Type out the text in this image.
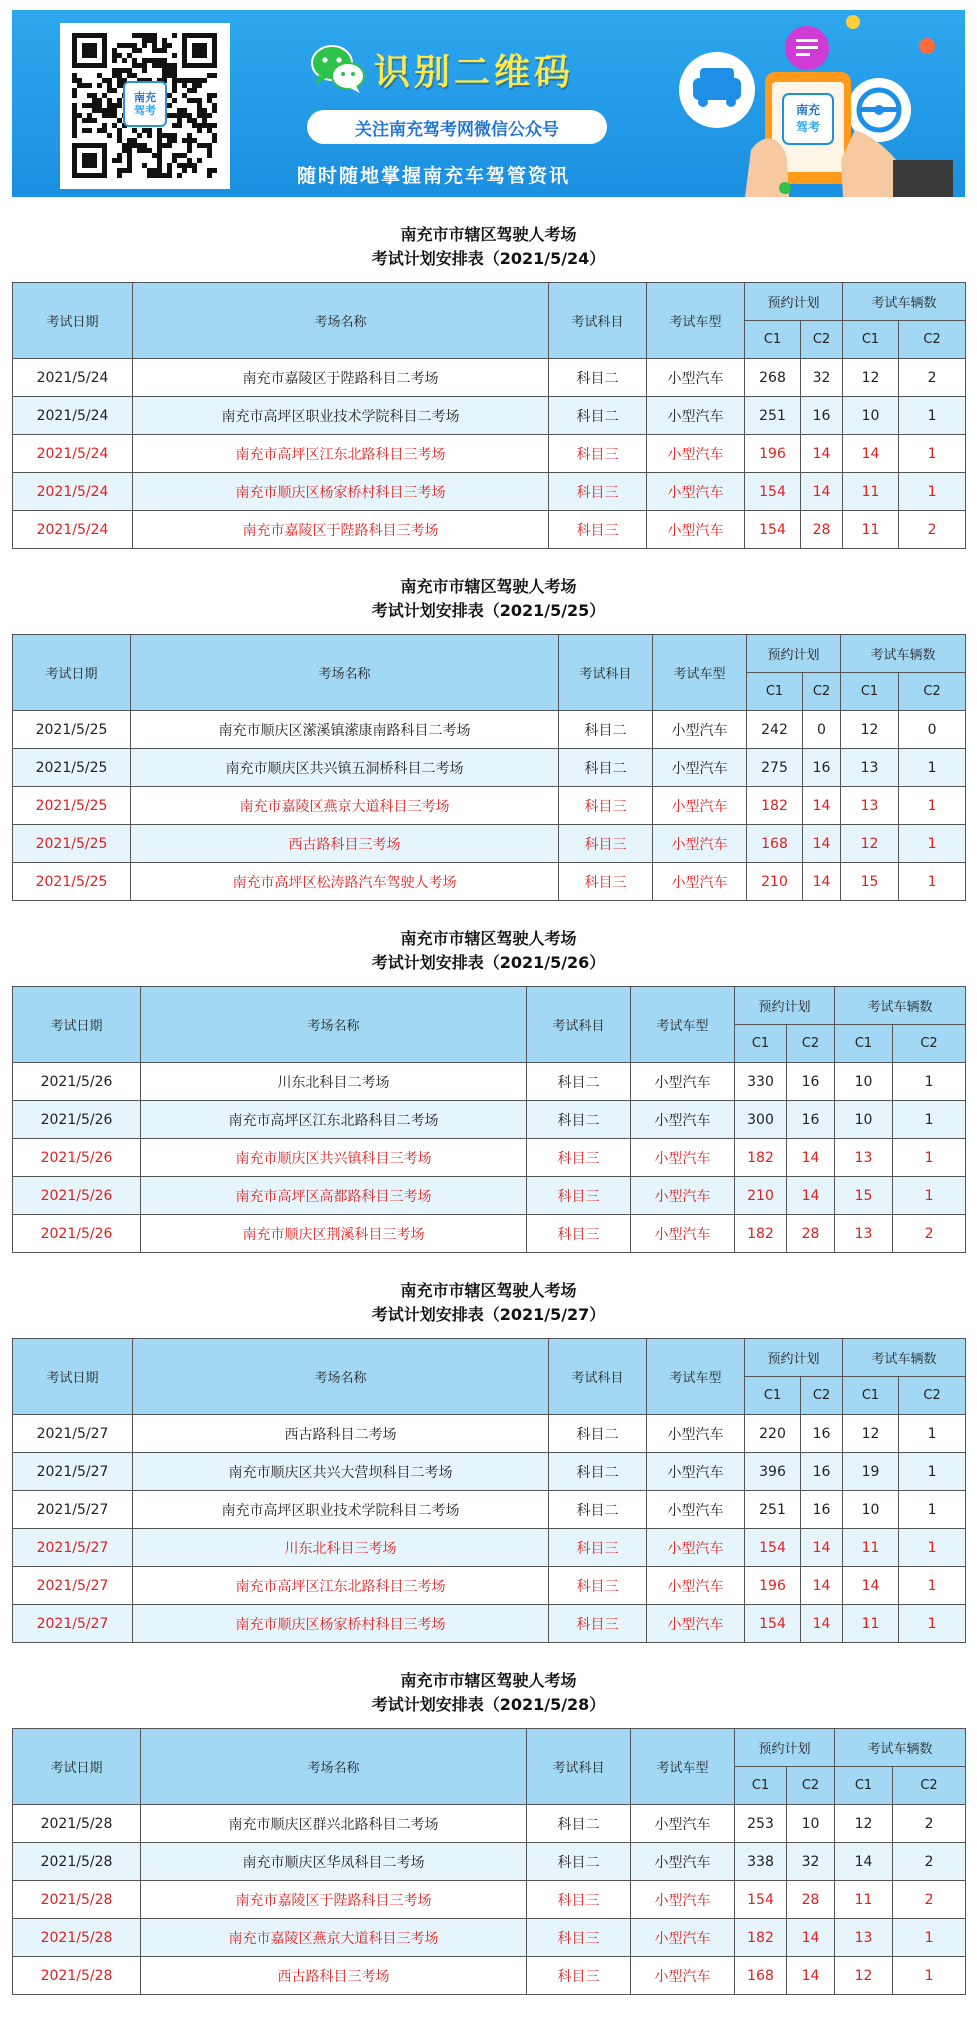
南充
驾考
识别二维码
关注南充驾考网微信公众号
随时随地掌握南充车驾管资讯
南充
驾考
南充市市辖区驾驶人考场
考试计划安排表（2021/5/24）
考试日期	考场名称	考试科目	考试车型	预约计划		考试车辆数	
				C1	C2	C1	C2
2021/5/24	南充市嘉陵区于陛路科目二考场	科目二	小型汽车	268	32	12	2
2021/5/24	南充市高坪区职业技术学院科目二考场	科目二	小型汽车	251	16	10	1
2021/5/24	南充市高坪区江东北路科目三考场	科目三	小型汽车	196	14	14	1
2021/5/24	南充市顺庆区杨家桥村科目三考场	科目三	小型汽车	154	14	11	1
2021/5/24	南充市嘉陵区于陛路科目三考场	科目三	小型汽车	154	28	11	2
南充市市辖区驾驶人考场
考试计划安排表（2021/5/25）
考试日期	考场名称	考试科目	考试车型	预约计划		考试车辆数	
				C1	C2	C1	C2
2021/5/25	南充市顺庆区潆溪镇潆康南路科目二考场	科目二	小型汽车	242	0	12	0
2021/5/25	南充市顺庆区共兴镇五洞桥科目二考场	科目二	小型汽车	275	16	13	1
2021/5/25	南充市嘉陵区燕京大道科目三考场	科目三	小型汽车	182	14	13	1
2021/5/25	西古路科目三考场	科目三	小型汽车	168	14	12	1
2021/5/25	南充市高坪区松涛路汽车驾驶人考场	科目三	小型汽车	210	14	15	1
南充市市辖区驾驶人考场
考试计划安排表（2021/5/26）
考试日期	考场名称	考试科目	考试车型	预约计划		考试车辆数	
				C1	C2	C1	C2
2021/5/26	川东北科目二考场	科目二	小型汽车	330	16	10	1
2021/5/26	南充市高坪区江东北路科目二考场	科目二	小型汽车	300	16	10	1
2021/5/26	南充市顺庆区共兴镇科目三考场	科目三	小型汽车	182	14	13	1
2021/5/26	南充市高坪区高都路科目三考场	科目三	小型汽车	210	14	15	1
2021/5/26	南充市顺庆区荆溪科目三考场	科目三	小型汽车	182	28	13	2
南充市市辖区驾驶人考场
考试计划安排表（2021/5/27）
考试日期	考场名称	考试科目	考试车型	预约计划		考试车辆数	
				C1	C2	C1	C2
2021/5/27	西古路科目二考场	科目二	小型汽车	220	16	12	1
2021/5/27	南充市顺庆区共兴大营坝科目二考场	科目二	小型汽车	396	16	19	1
2021/5/27	南充市高坪区职业技术学院科目二考场	科目二	小型汽车	251	16	10	1
2021/5/27	川东北科目三考场	科目三	小型汽车	154	14	11	1
2021/5/27	南充市高坪区江东北路科目三考场	科目三	小型汽车	196	14	14	1
2021/5/27	南充市顺庆区杨家桥村科目三考场	科目三	小型汽车	154	14	11	1
南充市市辖区驾驶人考场
考试计划安排表（2021/5/28）
考试日期	考场名称	考试科目	考试车型	预约计划		考试车辆数	
				C1	C2	C1	C2
2021/5/28	南充市顺庆区群兴北路科目二考场	科目二	小型汽车	253	10	12	2
2021/5/28	南充市顺庆区华凤科目二考场	科目二	小型汽车	338	32	14	2
2021/5/28	南充市嘉陵区于陛路科目三考场	科目三	小型汽车	154	28	11	2
2021/5/28	南充市嘉陵区燕京大道科目三考场	科目三	小型汽车	182	14	13	1
2021/5/28	西古路科目三考场	科目三	小型汽车	168	14	12	1
